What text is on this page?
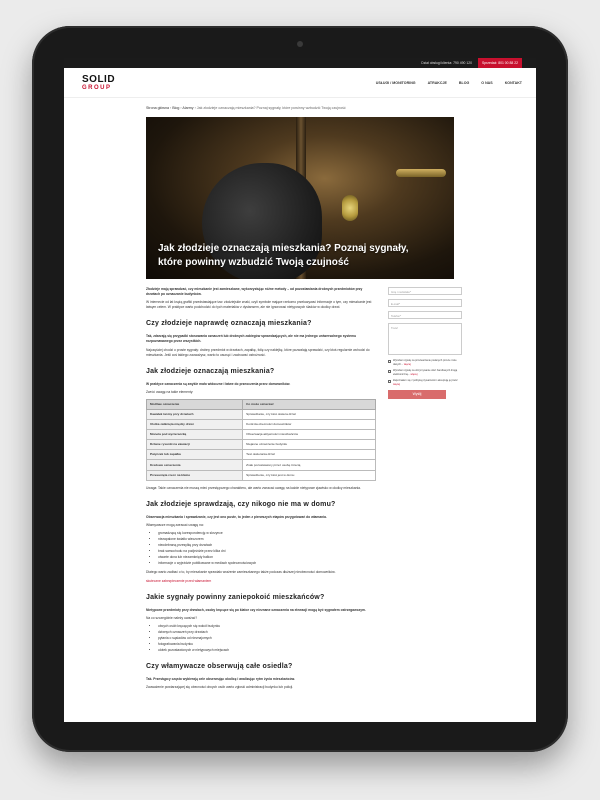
Dział obsługi klienta: 790 490 120	Sprzedaż: 801 00 88 22
SOLID
GROUP
USŁUGI / MONITORING	ATRAKCJE	BLOG	O NAS	KONTAKT
Strona główna › Blog › Alarmy › Jak złodzieje oznaczają mieszkania? Poznaj sygnały, które powinny wzbudzić Twoją czujność
Jak złodzieje oznaczają mieszkania? Poznaj sygnały, które powinny wzbudzić Twoją czujność

Złodzieje mają sprawdzać, czy mieszkanie jest zamieszkane, wykorzystując różne metody – od pozostawiania drobnych przedmiotów przy drzwiach po oznaczanie budynków.

W internecie od lat krążą grafiki przedstawiające tzw. złodziejskie znaki, czyli symbole mające rzekomo przekazywać informacje o tym, czy mieszkanie jest łatwym celem. W praktyce warto podchodzić do tych materiałów z dystansem, ale nie ignorować nietypowych śladów w okolicy drzwi.

Czy złodzieje naprawdę oznaczają mieszkania?

Tak, zdarzają się przypadki stosowania oznaczeń lub drobnych zabiegów sprawdzających, ale nie ma jednego uniwersalnego systemu rozpoznawanego przez wszystkich.

Najczęściej chodzi o proste sygnały: drobny przedmiot w drzwiach, zapałkę, folię czy naklejkę, które pozwalają sprawdzić, czy ktoś regularnie wchodzi do mieszkania. Jeśli coś takiego zauważysz, warto to usunąć i zachować ostrożność.

Jak złodzieje oznaczają mieszkania?

W praktyce oznaczenia są zwykle mało widoczne i łatwe do przeoczenia przez domowników.

Zwróć uwagę na takie elementy:

Możliwe oznaczenie	Co może oznaczać
Kawałek taśmy przy drzwiach	Sprawdzanie, czy ktoś otwiera drzwi
Ulotka zatknięta między drzwi	Kontrola obecności domowników
Moneta pod wycieraczką	Obserwacja aktywności mieszkańców
Dziwne rysunki na elewacji	Niejasne oznaczenie budynku
Patyczek lub zapałka	Test otwierania drzwi
Kredowe oznaczenia	Znak pozostawiony przez osobę trzecią
Przesunięta rzecz na klatce	Sprawdzenie, czy ktoś jest w domu

Uwaga: Takie oznaczenia nie muszą mieć przestępczego charakteru, ale warto zwracać uwagę na każde nietypowe zjawisko w okolicy mieszkania.

Jak złodzieje sprawdzają, czy nikogo nie ma w domu?

Obserwacja mieszkania i sprawdzanie, czy jest ono puste, to jeden z pierwszych etapów przygotowań do włamania.

Włamywacze mogą zwracać uwagę na:

• gromadzącą się korespondencję w skrzynce
• niezapalone światło wieczorem
• nieodebraną przesyłkę przy drzwiach
• brak samochodu na podjeździe przez kilka dni
• otwarte okna lub niezamknięty balkon
• informacje o wyjeździe publikowane w mediach społecznościowych

Dlatego warto zadbać o to, by mieszkanie sprawiało wrażenie zamieszkanego także podczas dłuższej nieobecności domowników.

skuteczne zabezpieczenie przed włamaniem

Jakie sygnały powinny zaniepokoić mieszkańców?

Nietypowe przedmioty przy drzwiach, osoby kręcące się po klatce czy nieznane oznaczenia na elewacji mogą być sygnałem ostrzegawczym.

Na co szczególnie należy uważać?

• obcych osób kręcących się wokół budynku
• dziwnych oznaczeń przy drzwiach
• pytania o sąsiadów od nieznajomych
• fotografowania budynku
• ulotek pozostawionych w nietypowych miejscach
Czy włamywacze obserwują całe osiedla?

Tak. Przestępcy często wybierają cele obserwując okolicę i analizując rytm życia mieszkańców.

Zauważenie powtarzającej się obecności obcych osób warto zgłosić administracji budynku lub policji.

Imię i nazwisko*
E-mail*
Telefon*
Treść
Wyrażam zgodę na przetwarzanie podanych przeze mnie danych... więcej
Wyrażam zgodę na otrzymywanie ofert handlowych drogą elektroniczną... więcej
Zapoznałem się z polityką prywatności i akceptuję jej treść więcej
Wyślij
